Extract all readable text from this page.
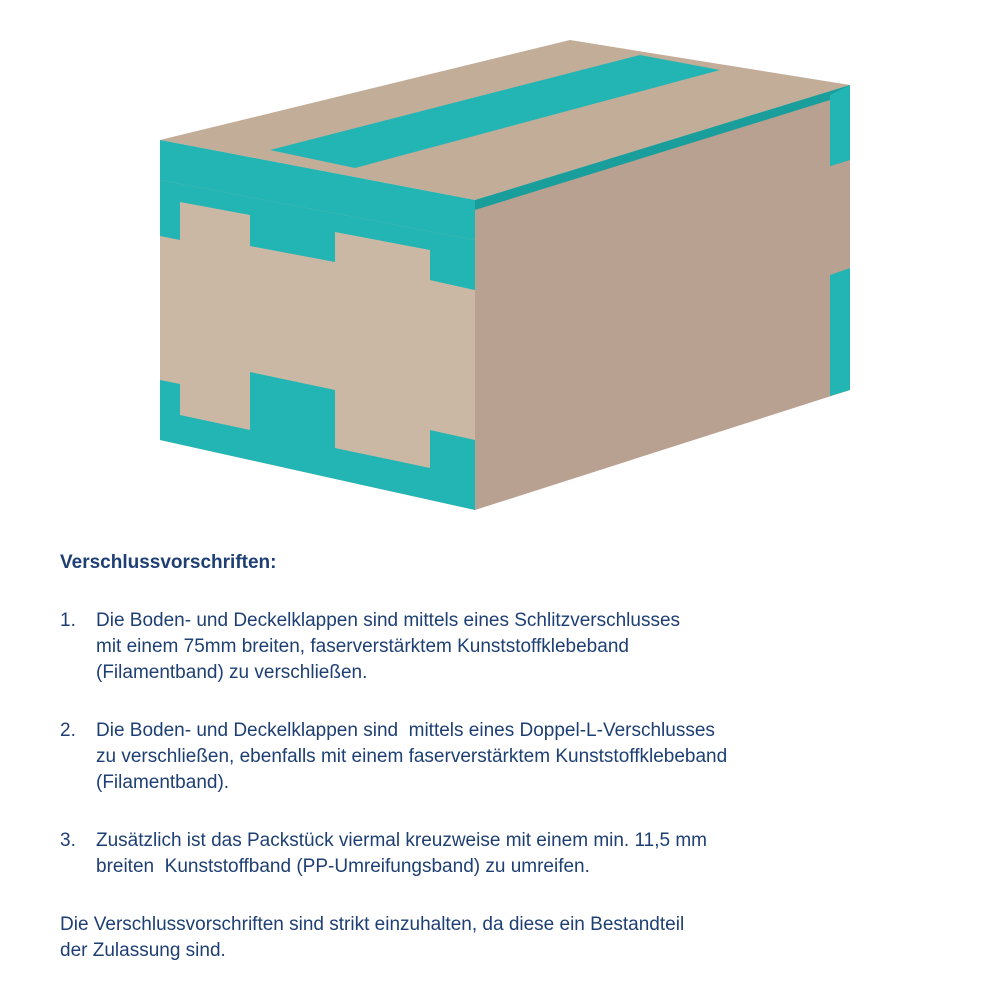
Verschlussvorschriften:
1.	Die Boden- und Deckelklappen sind mittels eines Schlitzverschlusses
mit einem 75mm breiten, faserverstärktem Kunststoffklebeband
(Filamentband) zu verschließen.
2.	Die Boden- und Deckelklappen sind  mittels eines Doppel-L-Verschlusses
zu verschließen, ebenfalls mit einem faserverstärktem Kunststoffklebeband
(Filamentband).
3.	Zusätzlich ist das Packstück viermal kreuzweise mit einem min. 11,5 mm
breiten  Kunststoffband (PP-Umreifungsband) zu umreifen.
Die Verschlussvorschriften sind strikt einzuhalten, da diese ein Bestandteil
der Zulassung sind.
